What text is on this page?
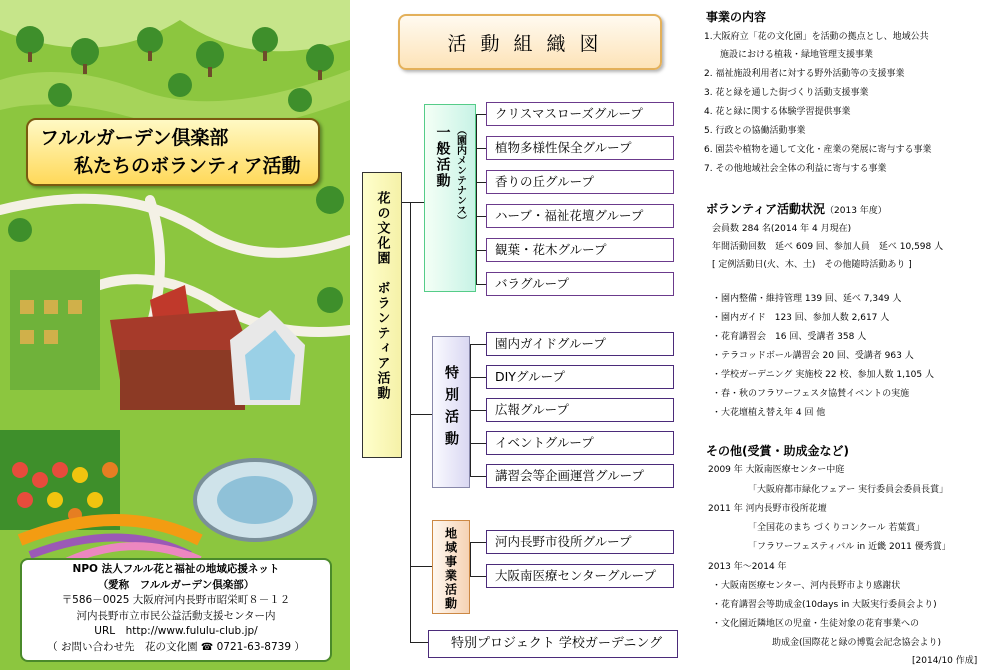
フルルガーデン倶楽部
私たちのボランティア活動
NPO 法人フルル花と福祉の地域応援ネット
（愛称　フルルガーデン倶楽部）
〒586－0025 大阪府河内長野市昭栄町８－１２
河内長野市立市民公益活動支援センター内
URL　http://www.fululu-club.jp/
（ お問い合わせ先　花の文化園 ☎ 0721-63-8739 ）
活動組織図
花の文化園　ボランティア活動
一般活動 （園内メンテナンス）
特別活動
地域事業活動
クリスマスローズグループ
植物多様性保全グループ
香りの丘グループ
ハーブ・福祉花壇グループ
観葉・花木グループ
バラグループ
園内ガイドグループ
DIYグループ
広報グループ
イベントグループ
講習会等企画運営グループ
河内長野市役所グループ
大阪南医療センターグループ
特別プロジェクト 学校ガーデニング
事業の内容
1.大阪府立「花の文化園」を活動の拠点とし、地域公共
施設における植栽・緑地管理支援事業
2. 福祉施設利用者に対する野外活動等の支援事業
3. 花と緑を通した街づくり活動支援事業
4. 花と緑に関する体験学習提供事業
5. 行政との協働活動事業
6. 園芸や植物を通して文化・産業の発展に寄与する事業
7. その他地域社会全体の利益に寄与する事業
ボランティア活動状況（2013 年度）
会員数 284 名(2014 年 4 月現在)
年間活動回数　延べ 609 回、参加人員　延べ 10,598 人
[ 定例活動日(火、木、土)　その他随時活動あり ]
・園内整備・維持管理 139 回、延べ 7,349 人
・園内ガイド　123 回、参加人数 2,617 人
・花育講習会　16 回、受講者 358 人
・テラコッドボール講習会 20 回、受講者 963 人
・学校ガーデニング 実施校 22 校、参加人数 1,105 人
・春・秋のフラワーフェスタ協賛イベントの実施
・大花壇植え替え年 4 回 他
その他(受賞・助成金など)
2009 年 大阪南医療センター中庭
「大阪府都市緑化フェアー 実行委員会委員長賞」
2011 年 河内長野市役所花壇
「全国花のまち づくりコンクール 若葉賞」
「フラワーフェスティバル in 近畿 2011 優秀賞」
2013 年～2014 年
・大阪南医療センター、河内長野市より感謝状
・花育講習会等助成金(10days in 大阪実行委員会より)
・文化園近隣地区の児童・生徒対象の花育事業への
助成金(国際花と緑の博覧会記念協会より)
[2014/10 作成]
